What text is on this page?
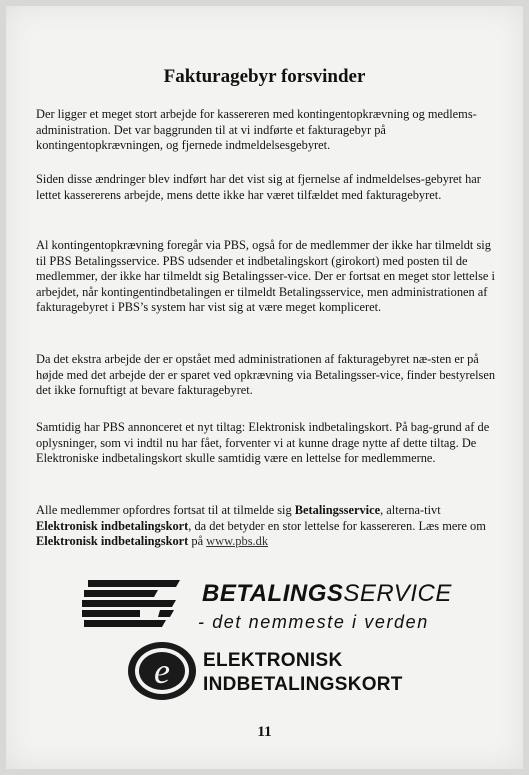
Fakturagebyr forsvinder

Der ligger et meget stort arbejde for kassereren med kontingentopkrævning og medlems-administration. Det var baggrunden til at vi indførte et fakturagebyr på kontingentopkrævningen, og fjernede indmeldelsesgebyret.

Siden disse ændringer blev indført har det vist sig at fjernelse af indmeldelses-gebyret har lettet kassererens arbejde, mens dette ikke har været tilfældet med fakturagebyret.

Al kontingentopkrævning foregår via PBS, også for de medlemmer der ikke har tilmeldt sig til PBS Betalingsservice. PBS udsender et indbetalingskort (girokort) med posten til de medlemmer, der ikke har tilmeldt sig Betalingsser-vice. Der er fortsat en meget stor lettelse i arbejdet, når kontingentindbetalingen er tilmeldt Betalingsservice, men administrationen af fakturagebyret i PBS’s system har vist sig at være meget kompliceret.

Da det ekstra arbejde der er opstået med administrationen af fakturagebyret næ-sten er på højde med det arbejde der er sparet ved opkrævning via Betalingsser-vice, finder bestyrelsen det ikke fornuftigt at bevare fakturagebyret.

Samtidig har PBS annonceret et nyt tiltag: Elektronisk indbetalingskort. På bag-grund af de oplysninger, som vi indtil nu har fået, forventer vi at kunne drage nytte af dette tiltag. De Elektroniske indbetalingskort skulle samtidig være en lettelse for medlemmerne.

Alle medlemmer opfordres fortsat til at tilmelde sig Betalingsservice, alterna-tivt Elektronisk indbetalingskort, da det betyder en stor lettelse for kassereren. Læs mere om Elektronisk indbetalingskort på www.pbs.dk

BETALINGSSERVICE
- det nemmeste i verden
e ELEKTRONISK
INDBETALINGSKORT
11
